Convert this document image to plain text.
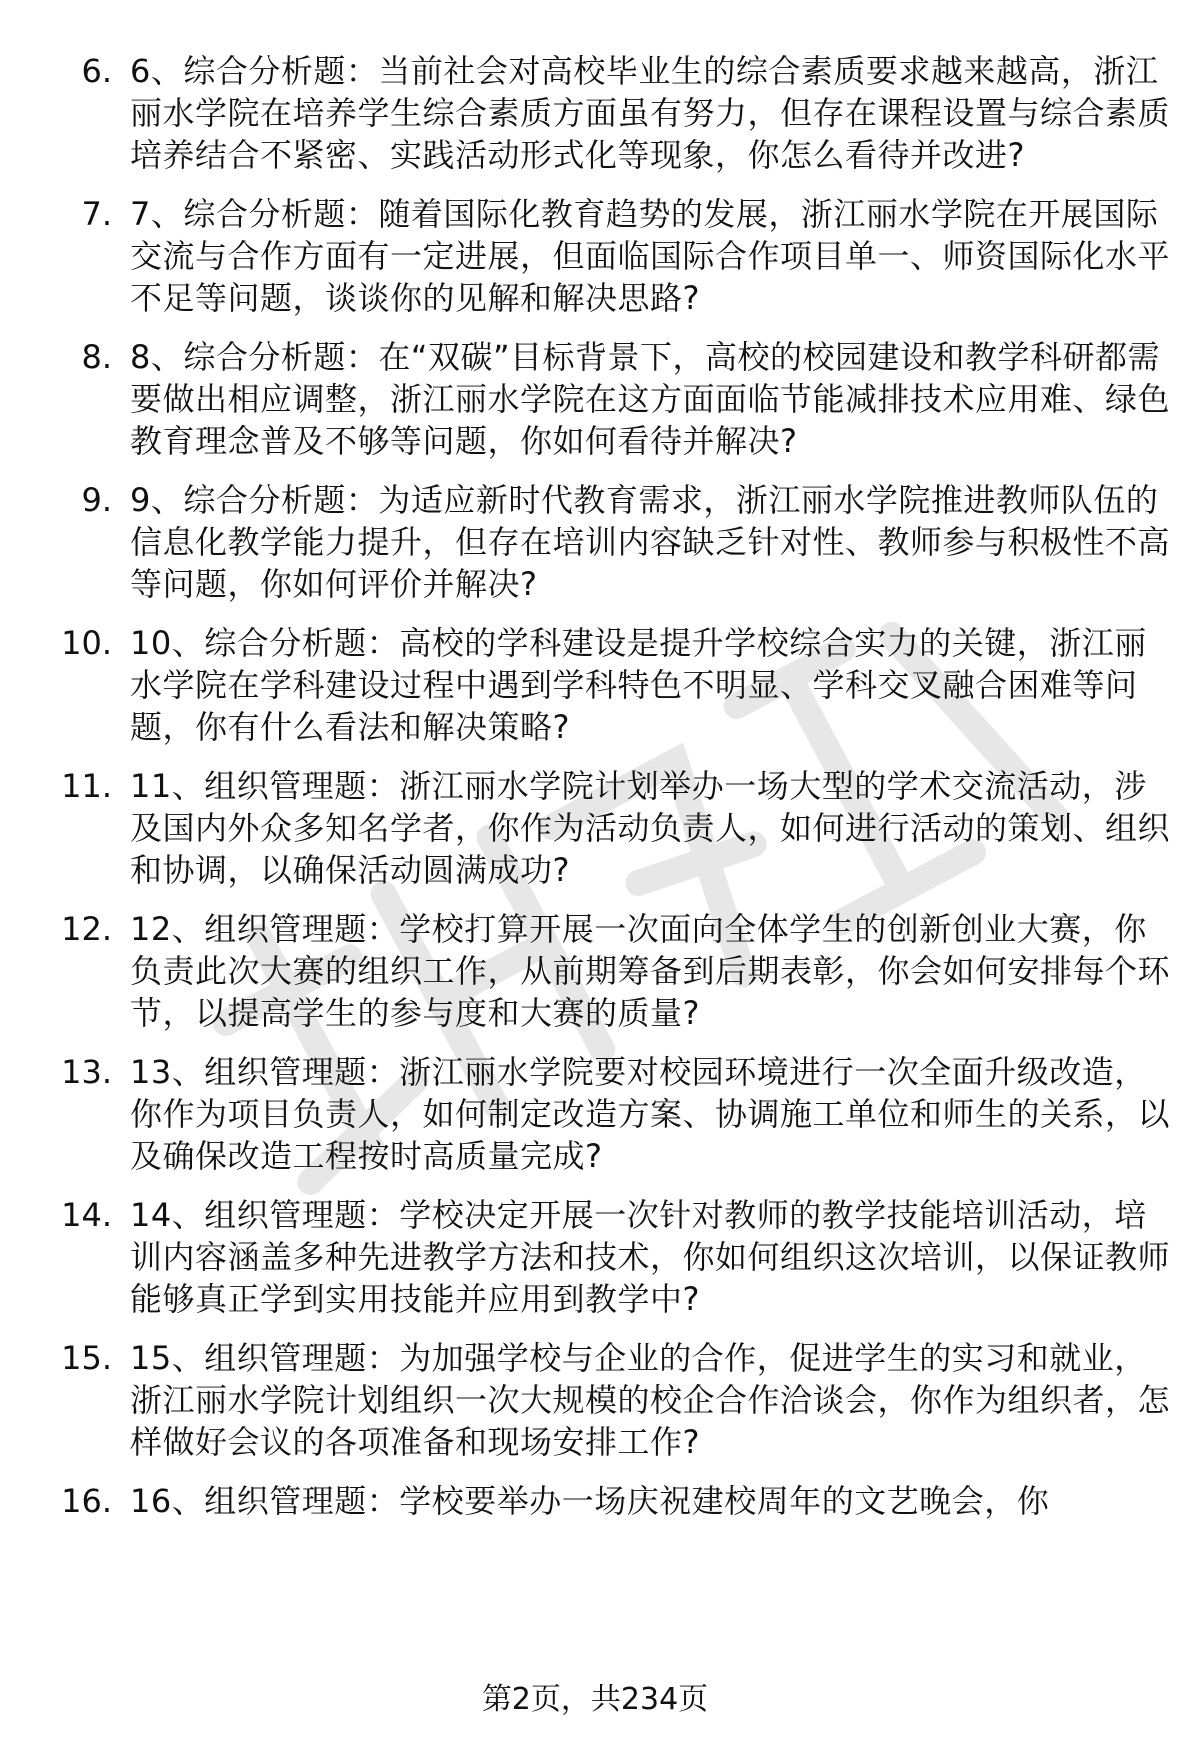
6. 6、综合分析题：当前社会对高校毕业生的综合素质要求越来越高，浙江丽水学院在培养学生综合素质方面虽有努力，但存在课程设置与综合素质培养结合不紧密、实践活动形式化等现象，你怎么看待并改进?
7. 7、综合分析题：随着国际化教育趋势的发展，浙江丽水学院在开展国际交流与合作方面有一定进展，但面临国际合作项目单一、师资国际化水平不足等问题，谈谈你的见解和解决思路?
8. 8、综合分析题：在“双碳”目标背景下，高校的校园建设和教学科研都需要做出相应调整，浙江丽水学院在这方面面临节能减排技术应用难、绿色教育理念普及不够等问题，你如何看待并解决?
9. 9、综合分析题：为适应新时代教育需求，浙江丽水学院推进教师队伍的信息化教学能力提升，但存在培训内容缺乏针对性、教师参与积极性不高等问题，你如何评价并解决?
10. 10、综合分析题：高校的学科建设是提升学校综合实力的关键，浙江丽水学院在学科建设过程中遇到学科特色不明显、学科交叉融合困难等问题，你有什么看法和解决策略?
11. 11、组织管理题：浙江丽水学院计划举办一场大型的学术交流活动，涉及国内外众多知名学者，你作为活动负责人，如何进行活动的策划、组织和协调，以确保活动圆满成功?
12. 12、组织管理题：学校打算开展一次面向全体学生的创新创业大赛，你负责此次大赛的组织工作，从前期筹备到后期表彰，你会如何安排每个环节，以提高学生的参与度和大赛的质量?
13. 13、组织管理题：浙江丽水学院要对校园环境进行一次全面升级改造，你作为项目负责人，如何制定改造方案、协调施工单位和师生的关系，以及确保改造工程按时高质量完成?
14. 14、组织管理题：学校决定开展一次针对教师的教学技能培训活动，培训内容涵盖多种先进教学方法和技术，你如何组织这次培训，以保证教师能够真正学到实用技能并应用到教学中?
15. 15、组织管理题：为加强学校与企业的合作，促进学生的实习和就业，浙江丽水学院计划组织一次大规模的校企合作洽谈会，你作为组织者，怎样做好会议的各项准备和现场安排工作?
16. 16、组织管理题：学校要举办一场庆祝建校周年的文艺晚会，你
第2页，共234页
